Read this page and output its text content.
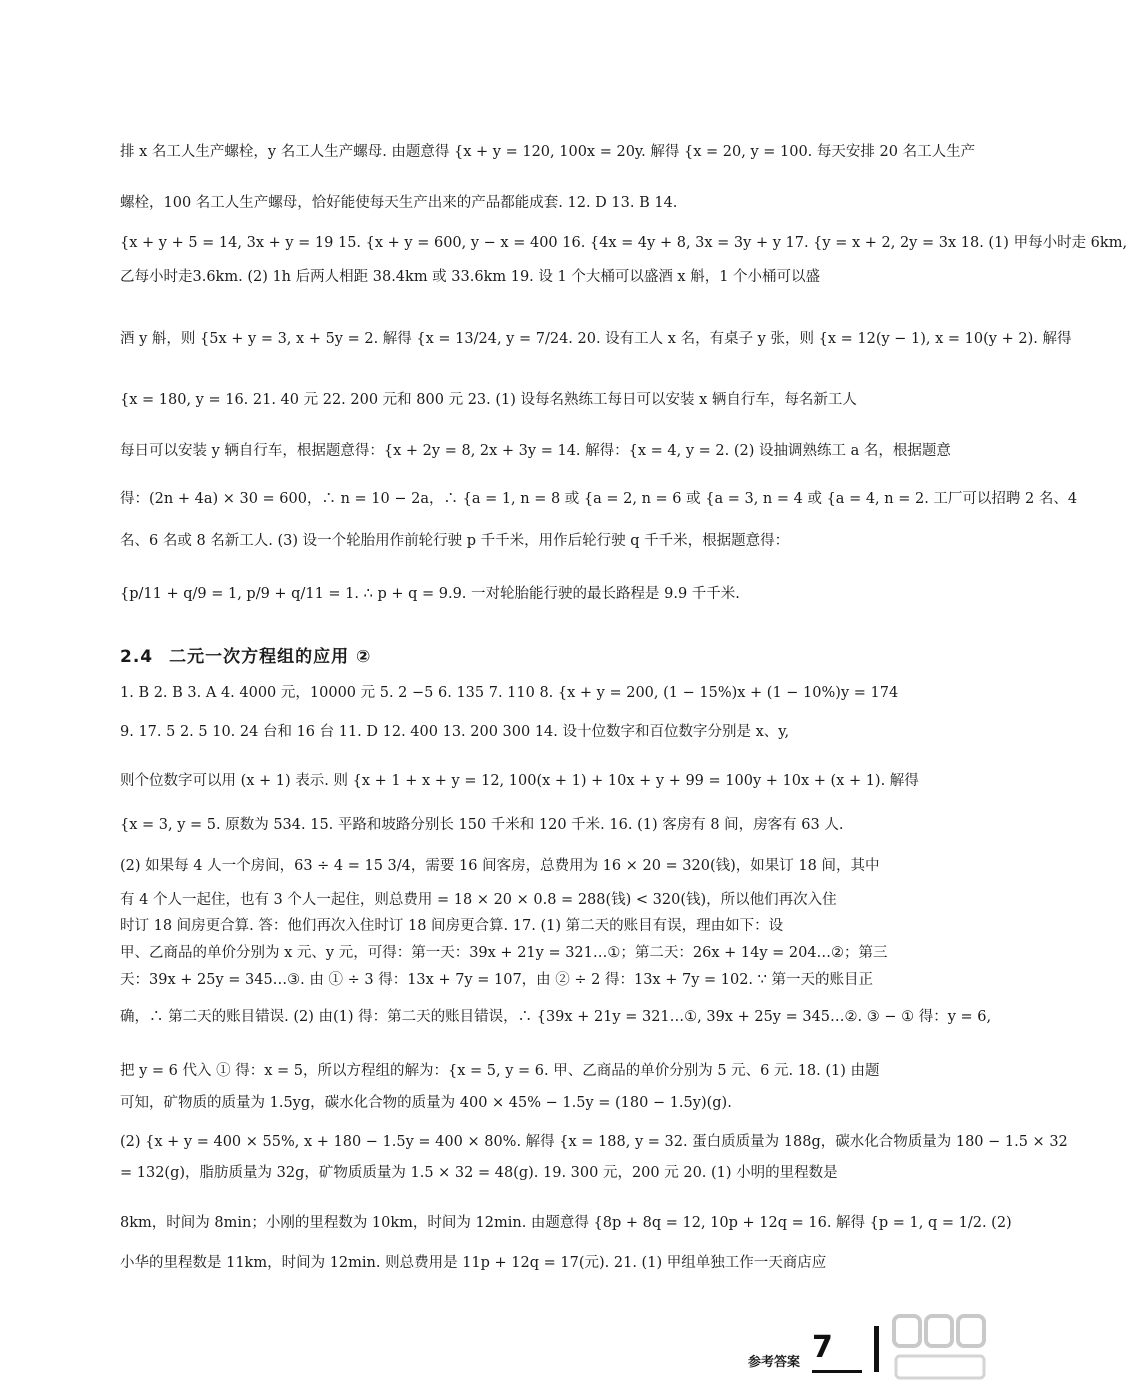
排 x 名工人生产螺栓，y 名工人生产螺母. 由题意得 {x + y = 120, 100x = 20y. 解得 {x = 20, y = 100. 每天安排 20 名工人生产
螺栓，100 名工人生产螺母，恰好能使每天生产出来的产品都能成套. 12. D 13. B 14.
{x + y + 5 = 14, 3x + y = 19 15. {x + y = 600, y − x = 400 16. {4x = 4y + 8, 3x = 3y + y 17. {y = x + 2, 2y = 3x 18. (1) 甲每小时走 6km,
乙每小时走3.6km. (2) 1h 后两人相距 38.4km 或 33.6km 19. 设 1 个大桶可以盛酒 x 斛，1 个小桶可以盛
酒 y 斛，则 {5x + y = 3, x + 5y = 2. 解得 {x = 13/24, y = 7/24. 20. 设有工人 x 名，有桌子 y 张，则 {x = 12(y − 1), x = 10(y + 2). 解得
{x = 180, y = 16. 21. 40 元 22. 200 元和 800 元 23. (1) 设每名熟练工每日可以安装 x 辆自行车，每名新工人
每日可以安装 y 辆自行车，根据题意得：{x + 2y = 8, 2x + 3y = 14. 解得：{x = 4, y = 2. (2) 设抽调熟练工 a 名，根据题意
得：(2n + 4a) × 30 = 600，∴ n = 10 − 2a，∴ {a = 1, n = 8 或 {a = 2, n = 6 或 {a = 3, n = 4 或 {a = 4, n = 2. 工厂可以招聘 2 名、4
名、6 名或 8 名新工人. (3) 设一个轮胎用作前轮行驶 p 千千米，用作后轮行驶 q 千千米，根据题意得：
{p/11 + q/9 = 1, p/9 + q/11 = 1. ∴ p + q = 9.9. 一对轮胎能行驶的最长路程是 9.9 千千米.
2.4 二元一次方程组的应用 ②
1. B 2. B 3. A 4. 4000 元，10000 元 5. 2 −5 6. 135 7. 110 8. {x + y = 200, (1 − 15%)x + (1 − 10%)y = 174
9. 17. 5 2. 5 10. 24 台和 16 台 11. D 12. 400 13. 200 300 14. 设十位数字和百位数字分别是 x、y,
则个位数字可以用 (x + 1) 表示. 则 {x + 1 + x + y = 12, 100(x + 1) + 10x + y + 99 = 100y + 10x + (x + 1). 解得
{x = 3, y = 5. 原数为 534. 15. 平路和坡路分别长 150 千米和 120 千米. 16. (1) 客房有 8 间，房客有 63 人.
(2) 如果每 4 人一个房间，63 ÷ 4 = 15 3/4，需要 16 间客房，总费用为 16 × 20 = 320(钱)，如果订 18 间，其中
有 4 个人一起住，也有 3 个人一起住，则总费用 = 18 × 20 × 0.8 = 288(钱) < 320(钱)，所以他们再次入住
时订 18 间房更合算. 答：他们再次入住时订 18 间房更合算. 17. (1) 第二天的账目有误，理由如下：设
甲、乙商品的单价分别为 x 元、y 元，可得：第一天：39x + 21y = 321…①；第二天：26x + 14y = 204…②；第三
天：39x + 25y = 345…③. 由 ① ÷ 3 得：13x + 7y = 107，由 ② ÷ 2 得：13x + 7y = 102. ∵ 第一天的账目正
确，∴ 第二天的账目错误. (2) 由(1) 得：第二天的账目错误，∴ {39x + 21y = 321…①, 39x + 25y = 345…②. ③ − ① 得：y = 6,
把 y = 6 代入 ① 得：x = 5，所以方程组的解为：{x = 5, y = 6. 甲、乙商品的单价分别为 5 元、6 元. 18. (1) 由题
可知，矿物质的质量为 1.5yg，碳水化合物的质量为 400 × 45% − 1.5y = (180 − 1.5y)(g).
(2) {x + y = 400 × 55%, x + 180 − 1.5y = 400 × 80%. 解得 {x = 188, y = 32. 蛋白质质量为 188g，碳水化合物质量为 180 − 1.5 × 32
= 132(g)，脂肪质量为 32g，矿物质质量为 1.5 × 32 = 48(g). 19. 300 元，200 元 20. (1) 小明的里程数是
8km，时间为 8min；小刚的里程数为 10km，时间为 12min. 由题意得 {8p + 8q = 12, 10p + 12q = 16. 解得 {p = 1, q = 1/2. (2)
小华的里程数是 11km，时间为 12min. 则总费用是 11p + 12q = 17(元). 21. (1) 甲组单独工作一天商店应
参考答案 7
